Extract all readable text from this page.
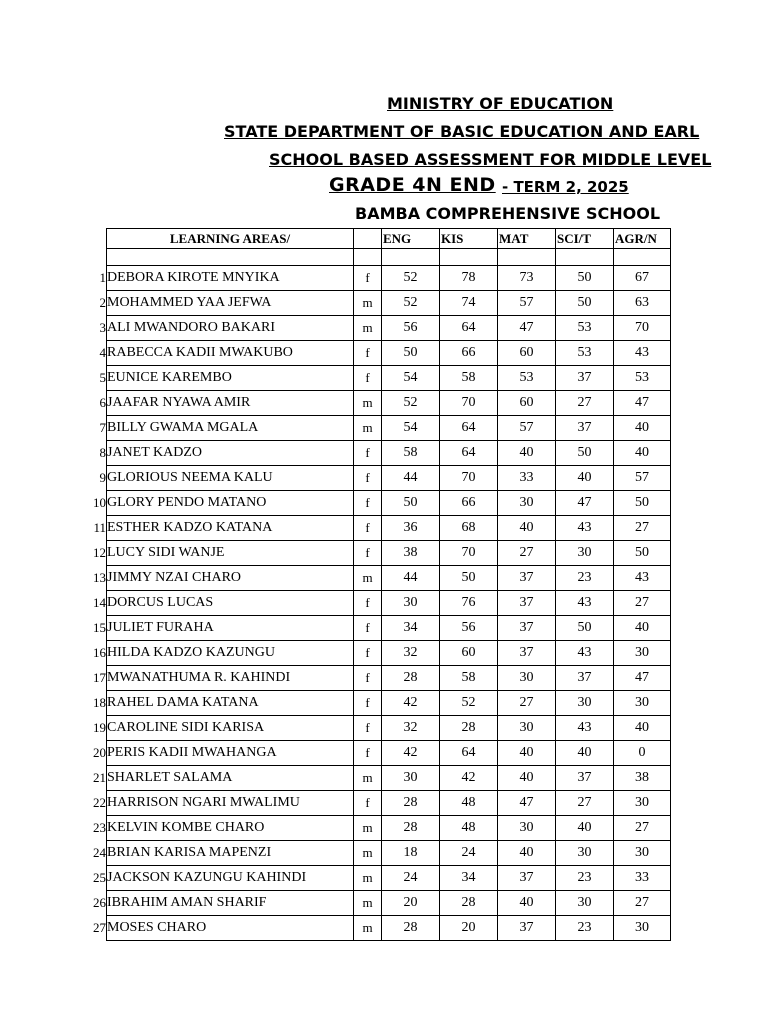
MINISTRY OF EDUCATION
STATE DEPARTMENT OF BASIC EDUCATION AND EARL
SCHOOL BASED ASSESSMENT FOR MIDDLE LEVEL
GRADE 4N END - TERM 2, 2025
BAMBA COMPREHENSIVE SCHOOL
	LEARNING AREAS/		ENG	KIS	MAT	SCI/T	AGR/N

1	DEBORA KIROTE MNYIKA	f	52	78	73	50	67
2	MOHAMMED YAA JEFWA	m	52	74	57	50	63
3	ALI MWANDORO BAKARI	m	56	64	47	53	70
4	RABECCA KADII MWAKUBO	f	50	66	60	53	43
5	EUNICE KAREMBO	f	54	58	53	37	53
6	JAAFAR NYAWA AMIR	m	52	70	60	27	47
7	BILLY GWAMA MGALA	m	54	64	57	37	40
8	JANET KADZO	f	58	64	40	50	40
9	GLORIOUS NEEMA KALU	f	44	70	33	40	57
10	GLORY PENDO MATANO	f	50	66	30	47	50
11	ESTHER KADZO KATANA	f	36	68	40	43	27
12	LUCY SIDI WANJE	f	38	70	27	30	50
13	JIMMY NZAI CHARO	m	44	50	37	23	43
14	DORCUS LUCAS	f	30	76	37	43	27
15	JULIET FURAHA	f	34	56	37	50	40
16	HILDA KADZO KAZUNGU	f	32	60	37	43	30
17	MWANATHUMA R. KAHINDI	f	28	58	30	37	47
18	RAHEL DAMA KATANA	f	42	52	27	30	30
19	CAROLINE SIDI KARISA	f	32	28	30	43	40
20	PERIS KADII MWAHANGA	f	42	64	40	40	0
21	SHARLET SALAMA	m	30	42	40	37	38
22	HARRISON NGARI MWALIMU	f	28	48	47	27	30
23	KELVIN KOMBE CHARO	m	28	48	30	40	27
24	BRIAN KARISA MAPENZI	m	18	24	40	30	30
25	JACKSON KAZUNGU KAHINDI	m	24	34	37	23	33
26	IBRAHIM AMAN SHARIF	m	20	28	40	30	27
27	MOSES CHARO	m	28	20	37	23	30
